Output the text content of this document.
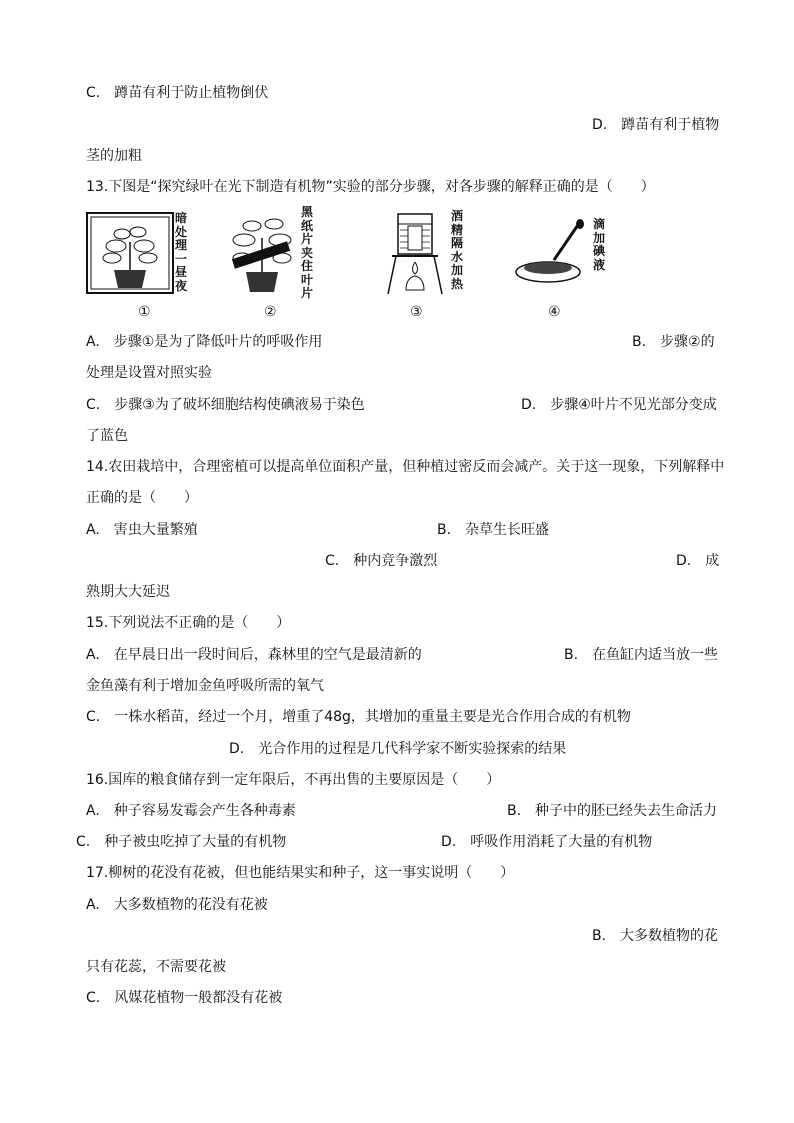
C.　蹲苗有利于防止植物倒伏
D.　蹲苗有利于植物
茎的加粗
13.下图是“探究绿叶在光下制造有机物”实验的部分步骤，对各步骤的解释正确的是（　　）
暗
处
理
一
昼
夜
黑
纸
片
夹
住
叶
片
酒
精
隔
水
加
热
滴
加
碘
液
①	②	③	④
A.　步骤①是为了降低叶片的呼吸作用	B.　步骤②的
处理是设置对照实验
C.　步骤③为了破坏细胞结构使碘液易于染色	D.　步骤④叶片不见光部分变成
了蓝色
14.农田栽培中，合理密植可以提高单位面积产量，但种植过密反而会减产。关于这一现象，下列解释中
正确的是（　　）
A.　害虫大量繁殖	B.　杂草生长旺盛
C.　种内竞争激烈	D.　成
熟期大大延迟
15.下列说法不正确的是（　　）
A.　在早晨日出一段时间后，森林里的空气是最清新的	B.　在鱼缸内适当放一些
金鱼藻有利于增加金鱼呼吸所需的氧气
C.　一株水稻苗，经过一个月，增重了48g，其增加的重量主要是光合作用合成的有机物
D.　光合作用的过程是几代科学家不断实验探索的结果
16.国库的粮食储存到一定年限后，不再出售的主要原因是（　　）
A.　种子容易发霉会产生各种毒素	B.　种子中的胚已经失去生命活力
C.　种子被虫吃掉了大量的有机物	D.　呼吸作用消耗了大量的有机物
17.柳树的花没有花被，但也能结果实和种子，这一事实说明（　　）
A.　大多数植物的花没有花被
B.　大多数植物的花
只有花蕊，不需要花被
C.　风媒花植物一般都没有花被
